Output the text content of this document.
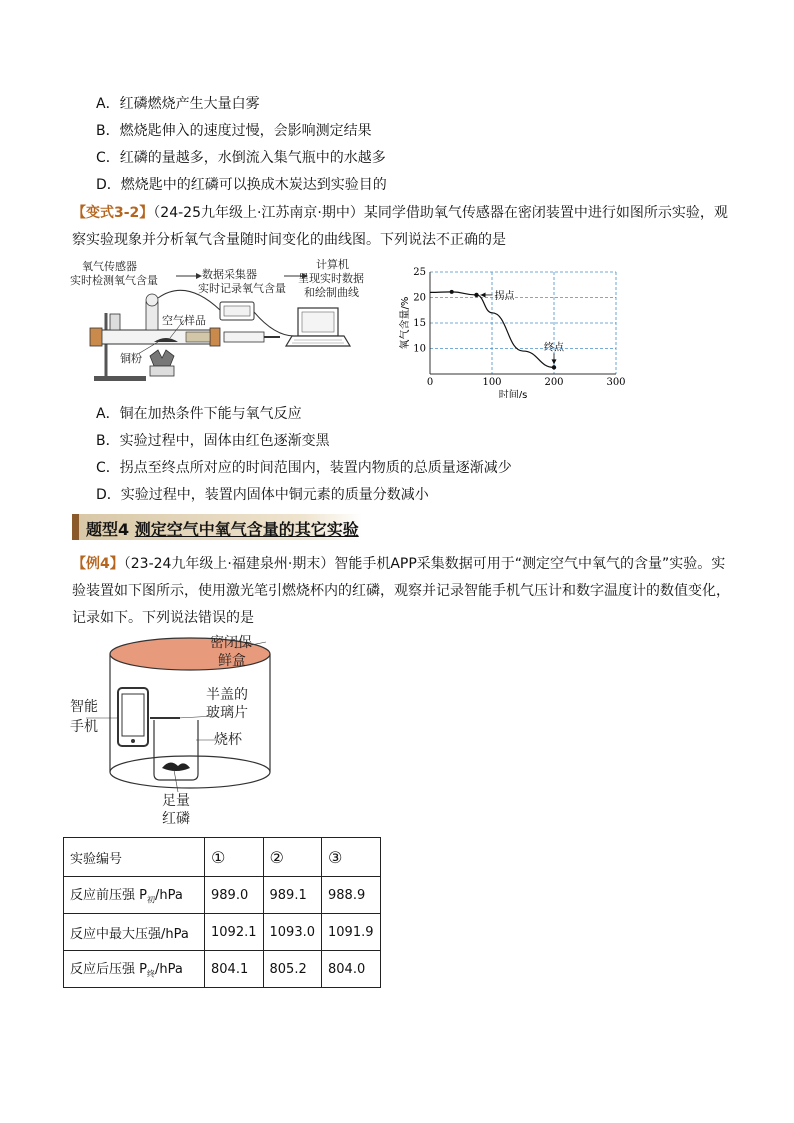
A．红磷燃烧产生大量白雾
B．燃烧匙伸入的速度过慢，会影响测定结果
C．红磷的量越多，水倒流入集气瓶中的水越多
D．燃烧匙中的红磷可以换成木炭达到实验目的
【变式3-2】（24-25九年级上·江苏南京·期中）某同学借助氧气传感器在密闭装置中进行如图所示实验，观
察实验现象并分析氧气含量随时间变化的曲线图。下列说法不正确的是
氧气传感器
实时检测氧气含量	数据采集器
实时记录氧气含量
计算机
呈现实时数据
和绘制曲线
空气样品
铜粉
0	100	200	300
10
15
20
25
时间/s
氧气含量/%
拐点
终点
A．铜在加热条件下能与氧气反应
B．实验过程中，固体由红色逐渐变黑
C．拐点至终点所对应的时间范围内，装置内物质的总质量逐渐减少
D．实验过程中，装置内固体中铜元素的质量分数减小
题型4 测定空气中氧气含量的其它实验
【例4】（23-24九年级上·福建泉州·期末）智能手机APP采集数据可用于“测定空气中氧气的含量”实验。实
验装置如下图所示，使用激光笔引燃烧杯内的红磷，观察并记录智能手机气压计和数字温度计的数值变化，
记录如下。下列说法错误的是
密闭保
鲜盒
智能
手机
半盖的
玻璃片
烧杯
足量
红磷
实验编号	①	②	③
反应前压强 $P_初$/hPa	989.0	989.1	988.9
反应中最大压强/hPa	1092.1	1093.0	1091.9
反应后压强 $P_终$/hPa	804.1	805.2	804.0
